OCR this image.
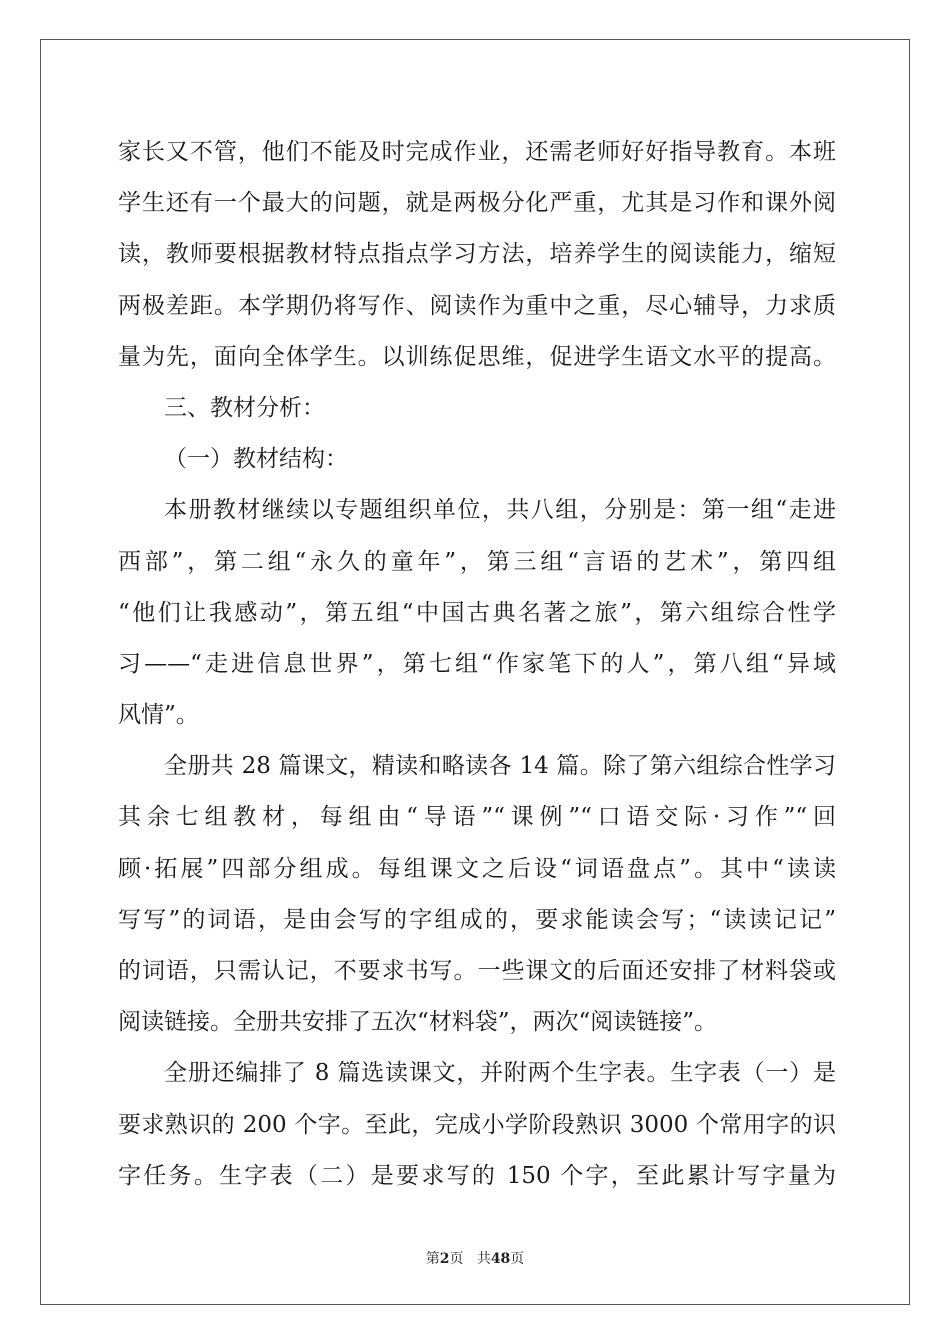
家长又不管，他们不能及时完成作业，还需老师好好指导教育。本班
学生还有一个最大的问题，就是两极分化严重，尤其是习作和课外阅
读，教师要根据教材特点指点学习方法，培养学生的阅读能力，缩短
两极差距。本学期仍将写作、阅读作为重中之重，尽心辅导，力求质
量为先，面向全体学生。以训练促思维，促进学生语文水平的提高。
三、教材分析：
（一）教材结构：
本册教材继续以专题组织单位，共八组，分别是：第一组“走进
西部”，第二组“永久的童年”，第三组“言语的艺术”，第四组
“他们让我感动”，第五组“中国古典名著之旅”，第六组综合性学
习——“走进信息世界”，第七组“作家笔下的人”，第八组“异域
风情”。
全册共 28 篇课文，精读和略读各 14 篇。除了第六组综合性学习
其余七组教材，每组由“导语”“课例”“口语交际·习作”“回
顾·拓展”四部分组成。每组课文之后设“词语盘点”。其中“读读
写写”的词语，是由会写的字组成的，要求能读会写；“读读记记”
的词语，只需认记，不要求书写。一些课文的后面还安排了材料袋或
阅读链接。全册共安排了五次“材料袋”，两次“阅读链接”。
全册还编排了 8 篇选读课文，并附两个生字表。生字表（一）是
要求熟识的 200 个字。至此，完成小学阶段熟识 3000 个常用字的识
字任务。生字表（二）是要求写的 150 个字，至此累计写字量为
第2页 共48页
